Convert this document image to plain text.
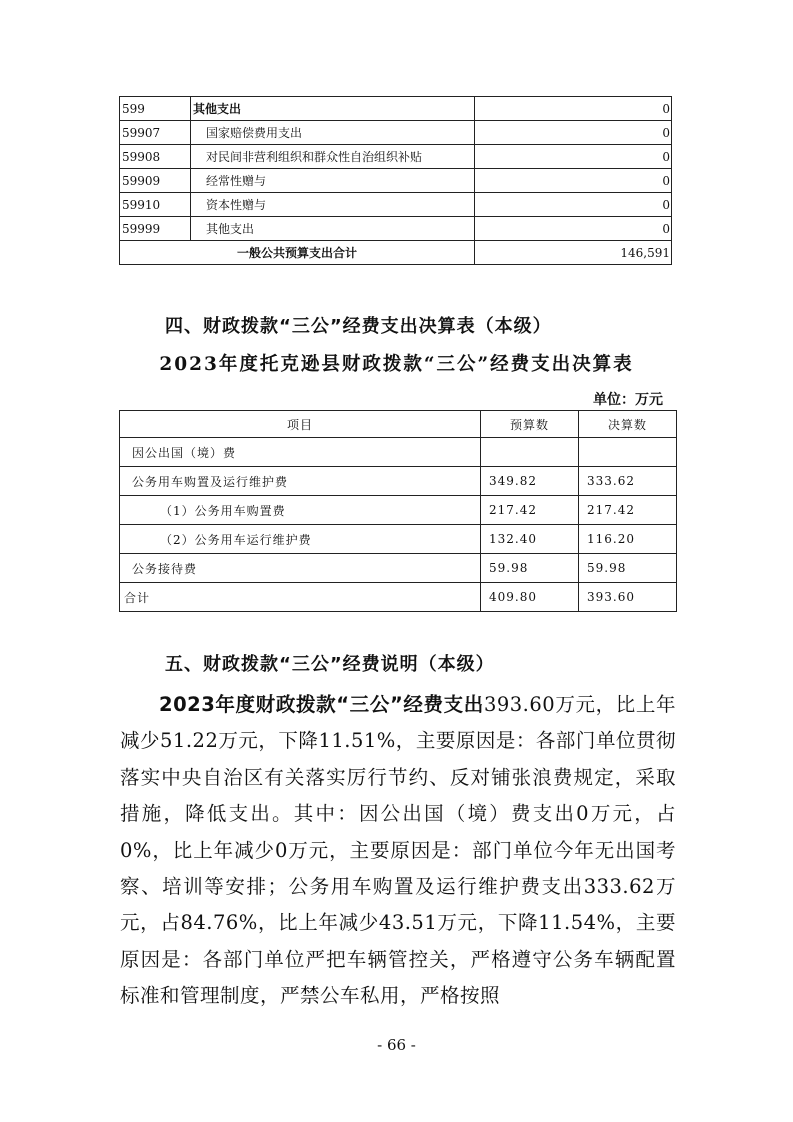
599	其他支出	0
59907	国家赔偿费用支出	0
59908	对民间非营利组织和群众性自治组织补贴	0
59909	经常性赠与	0
59910	资本性赠与	0
59999	其他支出	0
一般公共预算支出合计		146,591
四、财政拨款“三公”经费支出决算表（本级）
2023年度托克逊县财政拨款“三公”经费支出决算表
单位：万元
项目	预算数	决算数
因公出国（境）费		
公务用车购置及运行维护费	349.82	333.62
（1）公务用车购置费	217.42	217.42
（2）公务用车运行维护费	132.40	116.20
公务接待费	59.98	59.98
合计	409.80	393.60
五、财政拨款“三公”经费说明（本级）

2023年度财政拨款“三公”经费支出393.60万元，比上年减少51.22万元，下降11.51%，主要原因是：各部门单位贯彻落实中央自治区有关落实厉行节约、反对铺张浪费规定，采取措施，降低支出。其中：因公出国（境）费支出0万元，占0%，比上年减少0万元，主要原因是：部门单位今年无出国考察、培训等安排；公务用车购置及运行维护费支出333.62万元，占84.76%，比上年减少43.51万元，下降11.54%，主要原因是：各部门单位严把车辆管控关，严格遵守公务车辆配置标准和管理制度，严禁公车私用，严格按照

- 66 -
